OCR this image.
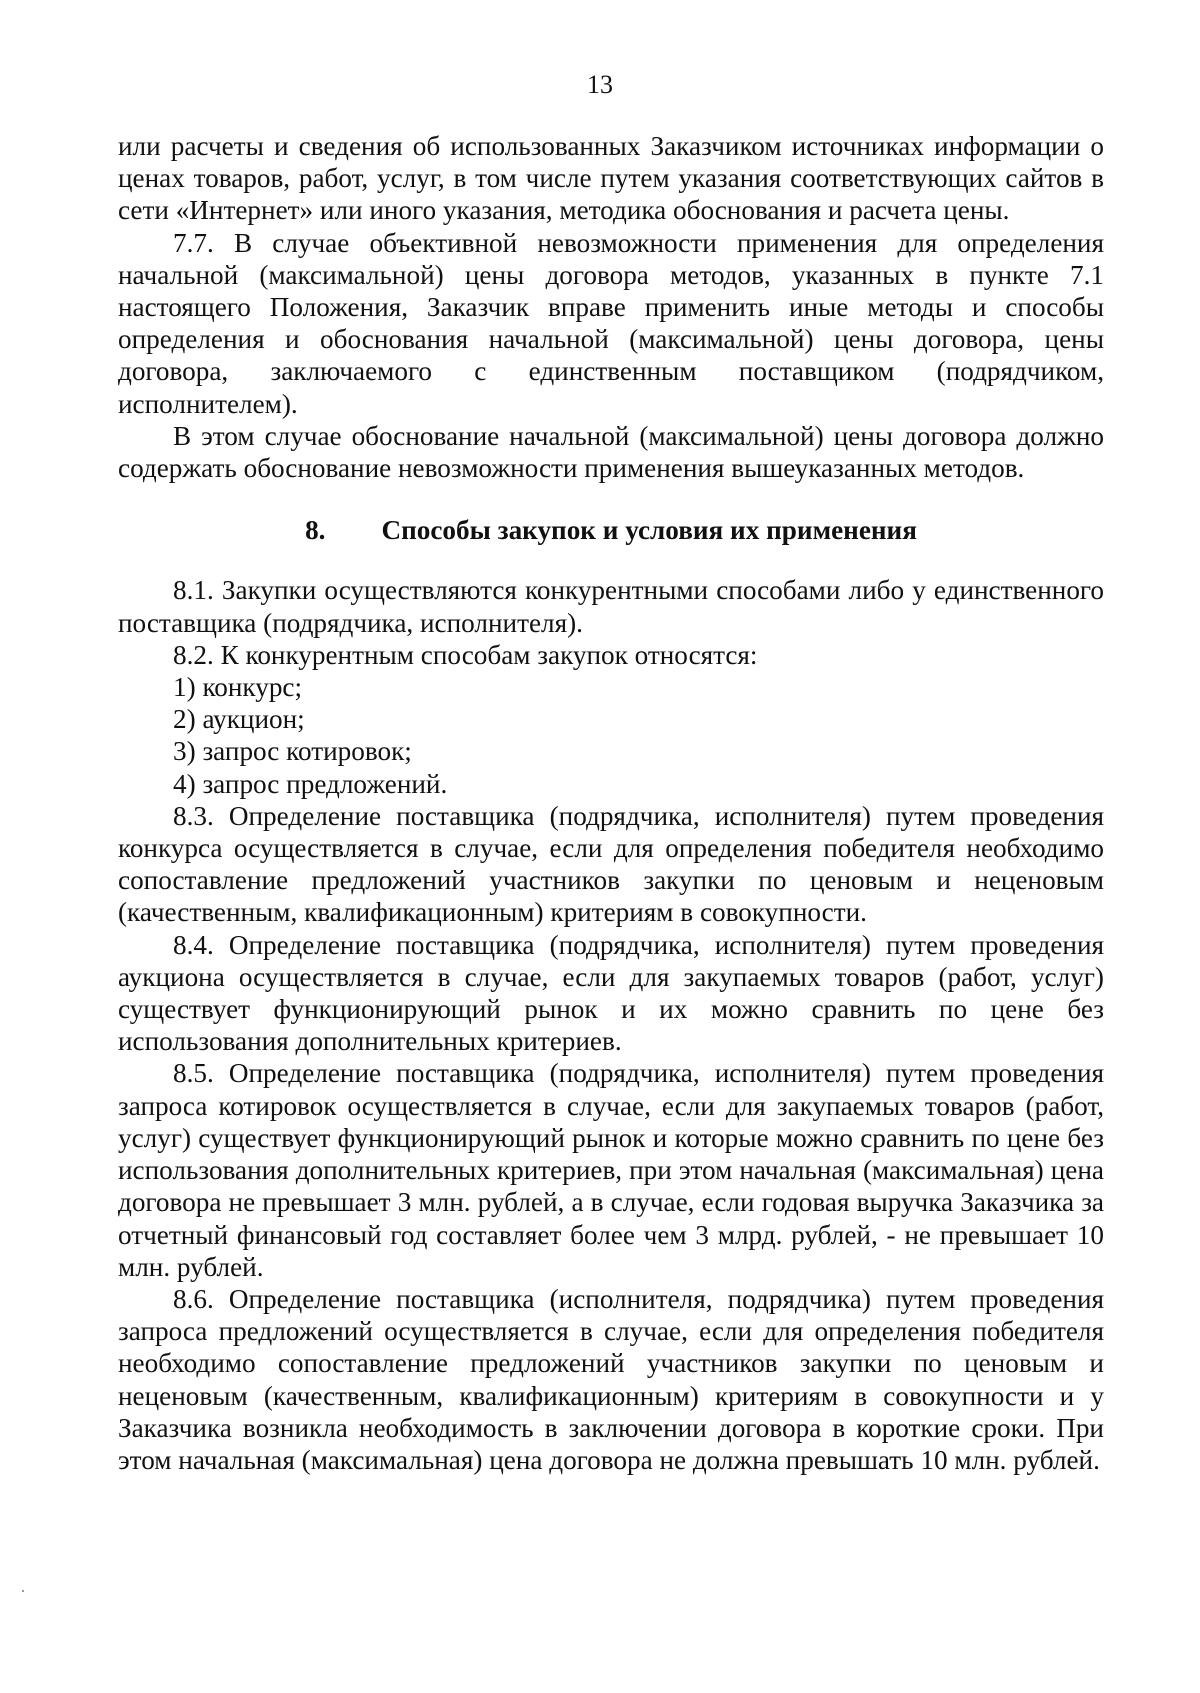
13

или расчеты и сведения об использованных Заказчиком источниках информации о ценах товаров, работ, услуг, в том числе путем указания соответствующих сайтов в сети «Интернет» или иного указания, методика обоснования и расчета цены.

7.7. В случае объективной невозможности применения для определения начальной (максимальной) цены договора методов, указанных в пункте 7.1 настоящего Положения, Заказчик вправе применить иные методы и способы определения и обоснования начальной (максимальной) цены договора, цены договора, заключаемого с единственным поставщиком (подрядчиком, исполнителем).

В этом случае обоснование начальной (максимальной) цены договора должно содержать обоснование невозможности применения вышеуказанных методов.

8. Способы закупок и условия их применения

8.1. Закупки осуществляются конкурентными способами либо у единственного поставщика (подрядчика, исполнителя).

8.2. К конкурентным способам закупок относятся:

1) конкурс;

2) аукцион;

3) запрос котировок;

4) запрос предложений.

8.3. Определение поставщика (подрядчика, исполнителя) путем проведения конкурса осуществляется в случае, если для определения победителя необходимо сопоставление предложений участников закупки по ценовым и неценовым (качественным, квалификационным) критериям в совокупности.

8.4. Определение поставщика (подрядчика, исполнителя) путем проведения аукциона осуществляется в случае, если для закупаемых товаров (работ, услуг) существует функционирующий рынок и их можно сравнить по цене без использования дополнительных критериев.

8.5. Определение поставщика (подрядчика, исполнителя) путем проведения запроса котировок осуществляется в случае, если для закупаемых товаров (работ, услуг) существует функционирующий рынок и которые можно сравнить по цене без использования дополнительных критериев, при этом начальная (максимальная) цена договора не превышает 3 млн. рублей, а в случае, если годовая выручка Заказчика за отчетный финансовый год составляет более чем 3 млрд. рублей, - не превышает 10 млн. рублей.

8.6. Определение поставщика (исполнителя, подрядчика) путем проведения запроса предложений осуществляется в случае, если для определения победителя необходимо сопоставление предложений участников закупки по ценовым и неценовым (качественным, квалификационным) критериям в совокупности и у Заказчика возникла необходимость в заключении договора в короткие сроки. При этом начальная (максимальная) цена договора не должна превышать 10 млн. рублей.
